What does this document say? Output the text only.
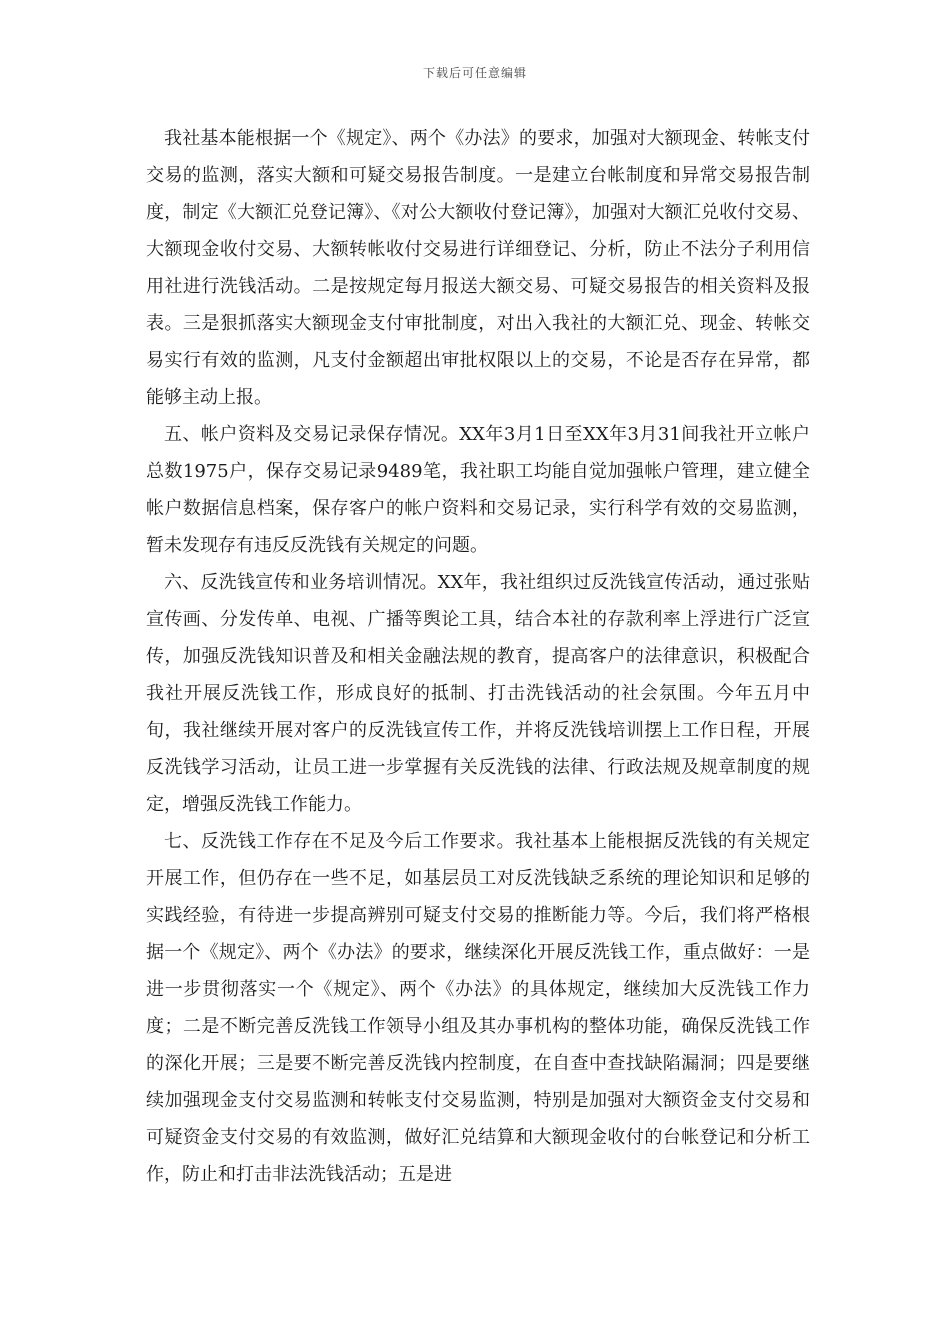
下载后可任意编辑

我社基本能根据一个《规定》、两个《办法》的要求，加强对大额现金、转帐支付交易的监测，落实大额和可疑交易报告制度。一是建立台帐制度和异常交易报告制度，制定《大额汇兑登记簿》、《对公大额收付登记簿》，加强对大额汇兑收付交易、大额现金收付交易、大额转帐收付交易进行详细登记、分析，防止不法分子利用信用社进行洗钱活动。二是按规定每月报送大额交易、可疑交易报告的相关资料及报表。三是狠抓落实大额现金支付审批制度，对出入我社的大额汇兑、现金、转帐交易实行有效的监测，凡支付金额超出审批权限以上的交易，不论是否存在异常，都能够主动上报。

五、帐户资料及交易记录保存情况。XX年3月1日至XX年3月31间我社开立帐户总数1975户，保存交易记录9489笔，我社职工均能自觉加强帐户管理，建立健全帐户数据信息档案，保存客户的帐户资料和交易记录，实行科学有效的交易监测，暂未发现存有违反反洗钱有关规定的问题。

六、反洗钱宣传和业务培训情况。XX年，我社组织过反洗钱宣传活动，通过张贴宣传画、分发传单、电视、广播等舆论工具，结合本社的存款利率上浮进行广泛宣传，加强反洗钱知识普及和相关金融法规的教育，提高客户的法律意识，积极配合我社开展反洗钱工作，形成良好的抵制、打击洗钱活动的社会氛围。今年五月中旬，我社继续开展对客户的反洗钱宣传工作，并将反洗钱培训摆上工作日程，开展反洗钱学习活动，让员工进一步掌握有关反洗钱的法律、行政法规及规章制度的规定，增强反洗钱工作能力。

七、反洗钱工作存在不足及今后工作要求。我社基本上能根据反洗钱的有关规定开展工作，但仍存在一些不足，如基层员工对反洗钱缺乏系统的理论知识和足够的实践经验，有待进一步提高辨别可疑支付交易的推断能力等。今后，我们将严格根据一个《规定》、两个《办法》的要求，继续深化开展反洗钱工作，重点做好：一是进一步贯彻落实一个《规定》、两个《办法》的具体规定，继续加大反洗钱工作力度；二是不断完善反洗钱工作领导小组及其办事机构的整体功能，确保反洗钱工作的深化开展；三是要不断完善反洗钱内控制度，在自查中查找缺陷漏洞；四是要继续加强现金支付交易监测和转帐支付交易监测，特别是加强对大额资金支付交易和可疑资金支付交易的有效监测，做好汇兑结算和大额现金收付的台帐登记和分析工作，防止和打击非法洗钱活动；五是进
